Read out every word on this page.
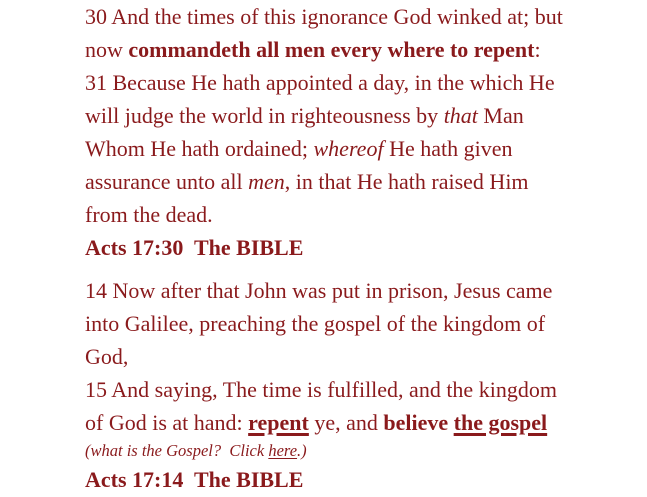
30 And the times of this ignorance God winked at; but
now commandeth all men every where to repent:
31 Because He hath appointed a day, in the which He
will judge the world in righteousness by that Man
Whom He hath ordained; whereof He hath given
assurance unto all men, in that He hath raised Him
from the dead.
Acts 17:30  The BIBLE
14 Now after that John was put in prison, Jesus came
into Galilee, preaching the gospel of the kingdom of
God,
15 And saying, The time is fulfilled, and the kingdom
of God is at hand: repent ye, and believe the gospel
(what is the Gospel?  Click here.)
Acts 17:14  The BIBLE
